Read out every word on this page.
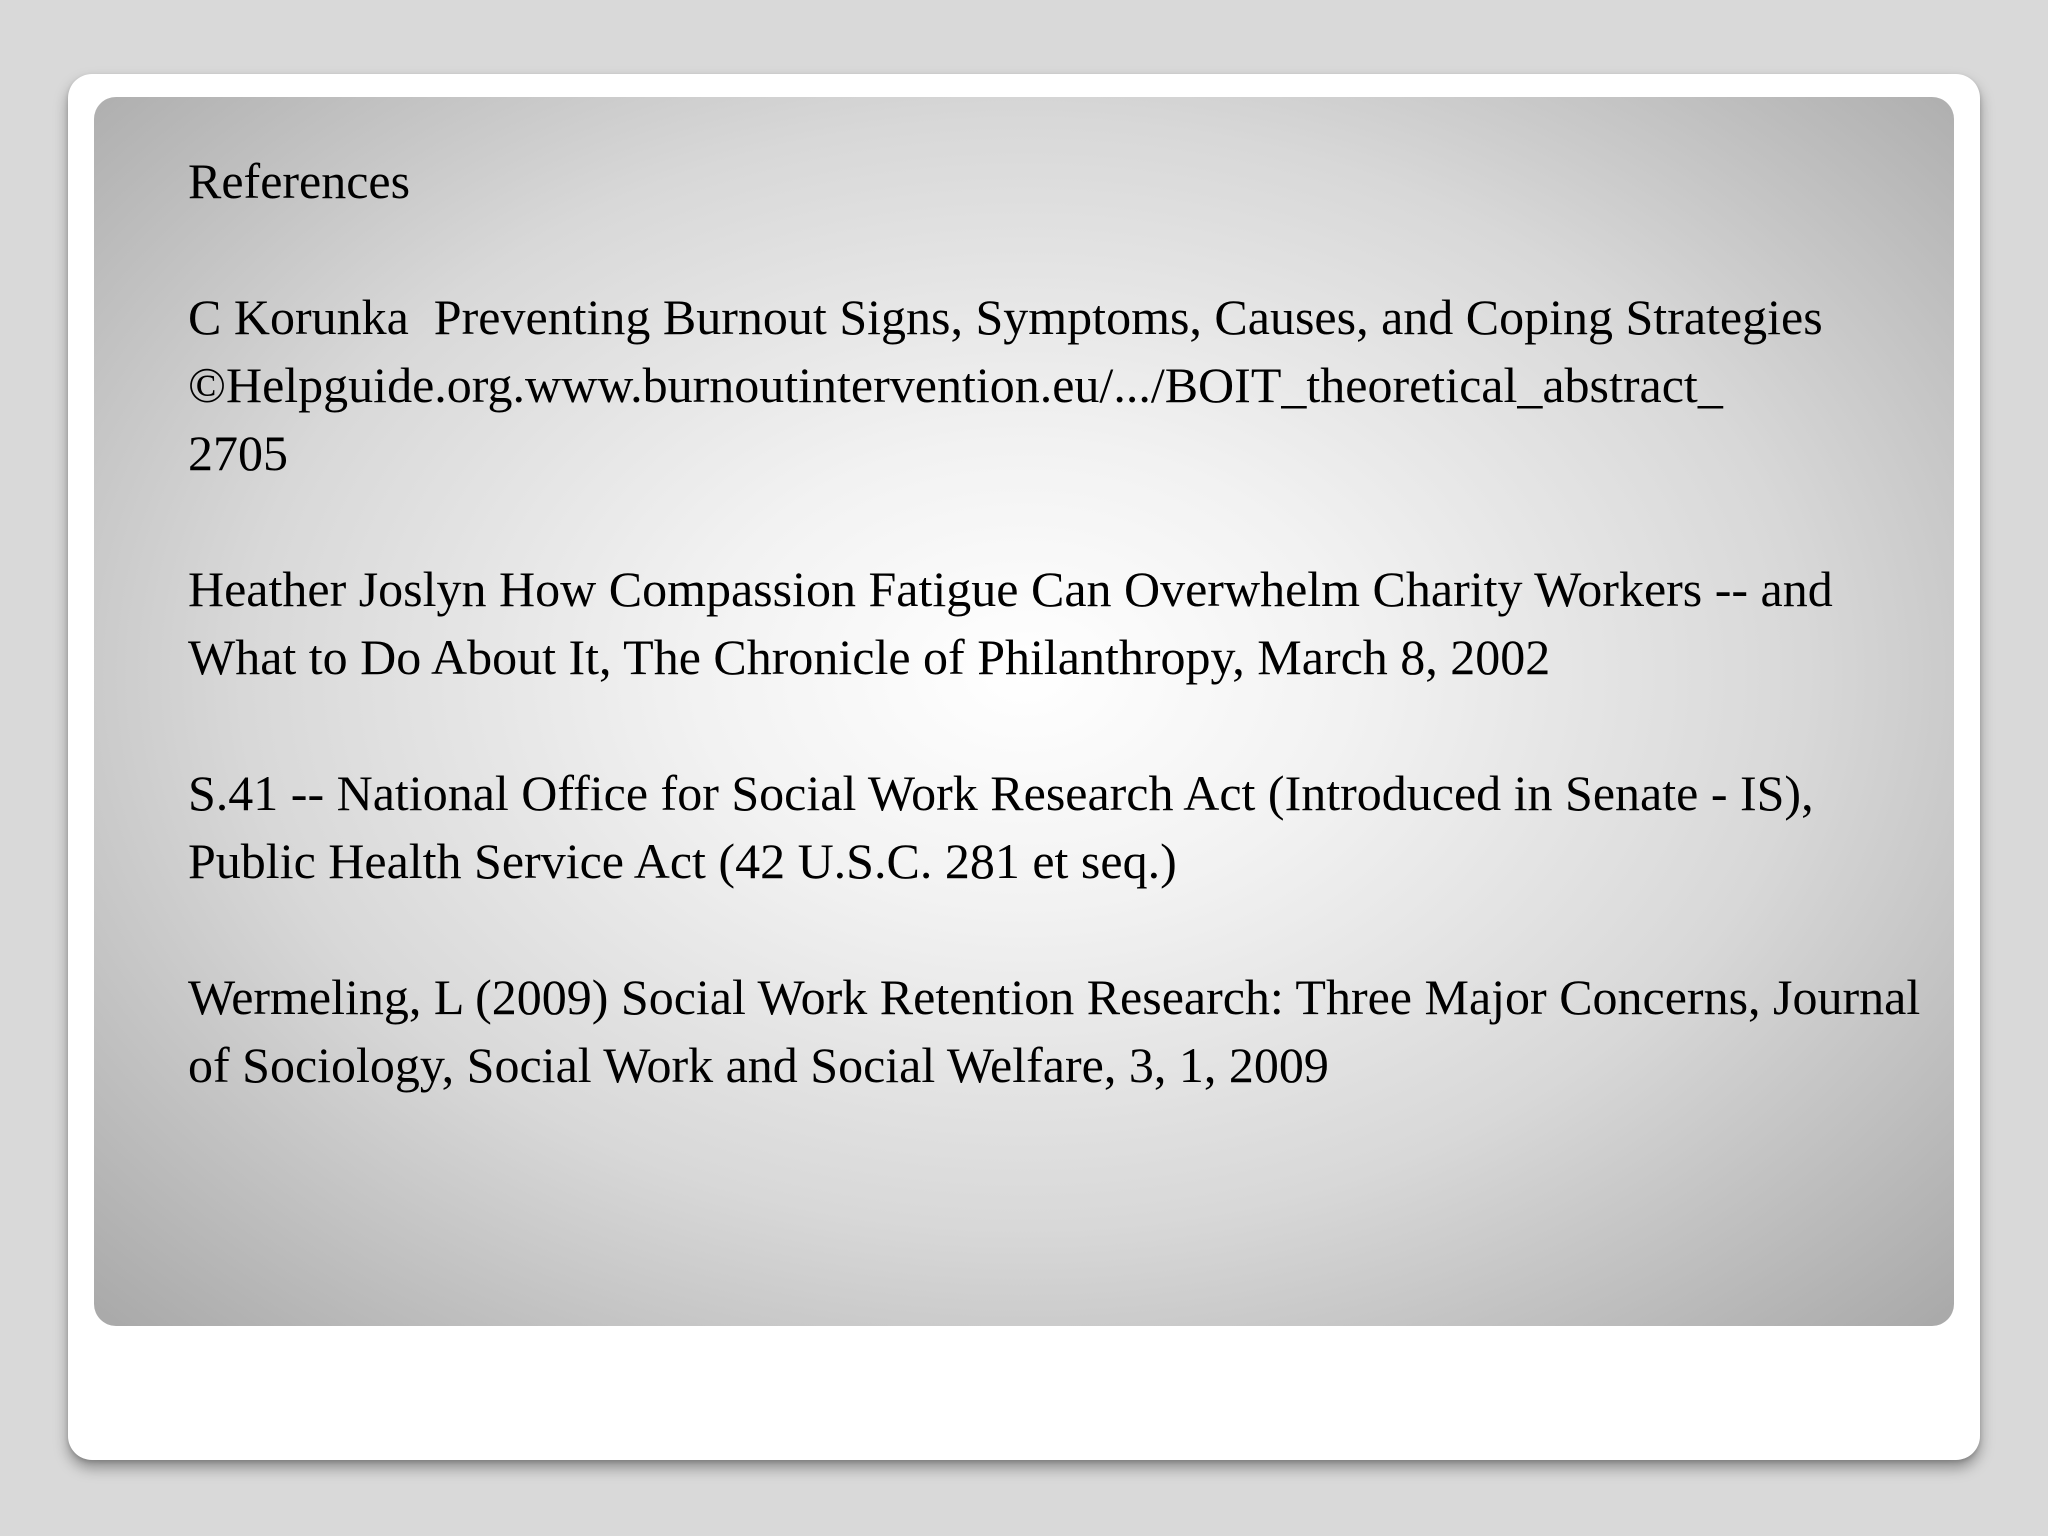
References

C Korunka  Preventing Burnout Signs, Symptoms, Causes, and Coping Strategies
©Helpguide.org.www.burnoutintervention.eu/.../BOIT_theoretical_abstract_
2705

Heather Joslyn How Compassion Fatigue Can Overwhelm Charity Workers -- and What to Do About It, The Chronicle of Philanthropy, March 8, 2002

S.41 -- National Office for Social Work Research Act (Introduced in Senate - IS), Public Health Service Act (42 U.S.C. 281 et seq.)

Wermeling, L (2009) Social Work Retention Research: Three Major Concerns, Journal of Sociology, Social Work and Social Welfare, 3, 1, 2009
